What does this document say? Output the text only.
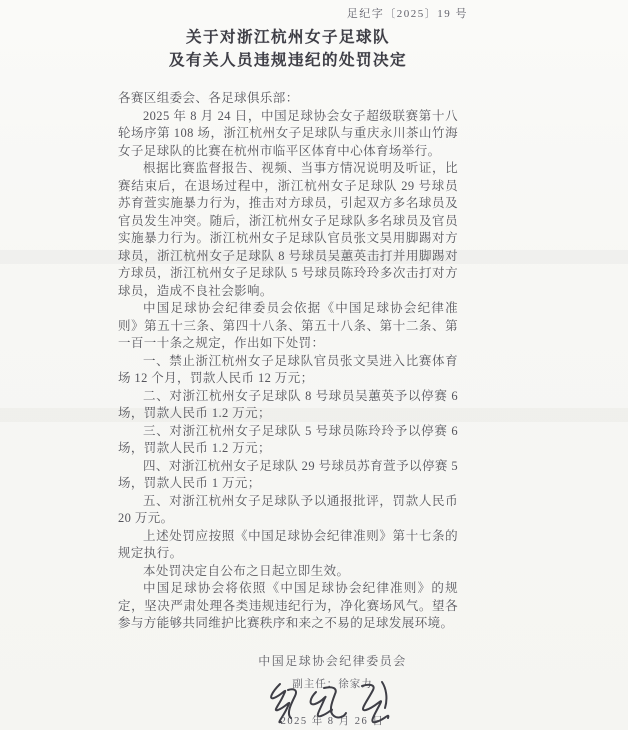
足纪字〔2025〕19 号
关于对浙江杭州女子足球队
及有关人员违规违纪的处罚决定
各赛区组委会、各足球俱乐部：

2025 年 8 月 24 日，中国足球协会女子超级联赛第十八轮场序第 108 场，浙江杭州女子足球队与重庆永川茶山竹海女子足球队的比赛在杭州市临平区体育中心体育场举行。

根据比赛监督报告、视频、当事方情况说明及听证，比赛结束后，在退场过程中，浙江杭州女子足球队 29 号球员苏育萱实施暴力行为，推击对方球员，引起双方多名球员及官员发生冲突。随后，浙江杭州女子足球队多名球员及官员实施暴力行为。浙江杭州女子足球队官员张文昊用脚踢对方球员，浙江杭州女子足球队 8 号球员吴蕙英击打并用脚踢对方球员，浙江杭州女子足球队 5 号球员陈玲玲多次击打对方球员，造成不良社会影响。

中国足球协会纪律委员会依据《中国足球协会纪律准则》第五十三条、第四十八条、第五十八条、第十二条、第一百一十条之规定，作出如下处罚：

一、禁止浙江杭州女子足球队官员张文昊进入比赛体育场 12 个月，罚款人民币 12 万元；

二、对浙江杭州女子足球队 8 号球员吴蕙英予以停赛 6 场，罚款人民币 1.2 万元；

三、对浙江杭州女子足球队 5 号球员陈玲玲予以停赛 6 场，罚款人民币 1.2 万元；

四、对浙江杭州女子足球队 29 号球员苏育萱予以停赛 5 场，罚款人民币 1 万元；

五、对浙江杭州女子足球队予以通报批评，罚款人民币 20 万元。

上述处罚应按照《中国足球协会纪律准则》第十七条的规定执行。

本处罚决定自公布之日起立即生效。

中国足球协会将依照《中国足球协会纪律准则》的规定，坚决严肃处理各类违规违纪行为，净化赛场风气。望各参与方能够共同维护比赛秩序和来之不易的足球发展环境。

中国足球协会纪律委员会
副主任：徐家力
2025 年 8 月 26 日
